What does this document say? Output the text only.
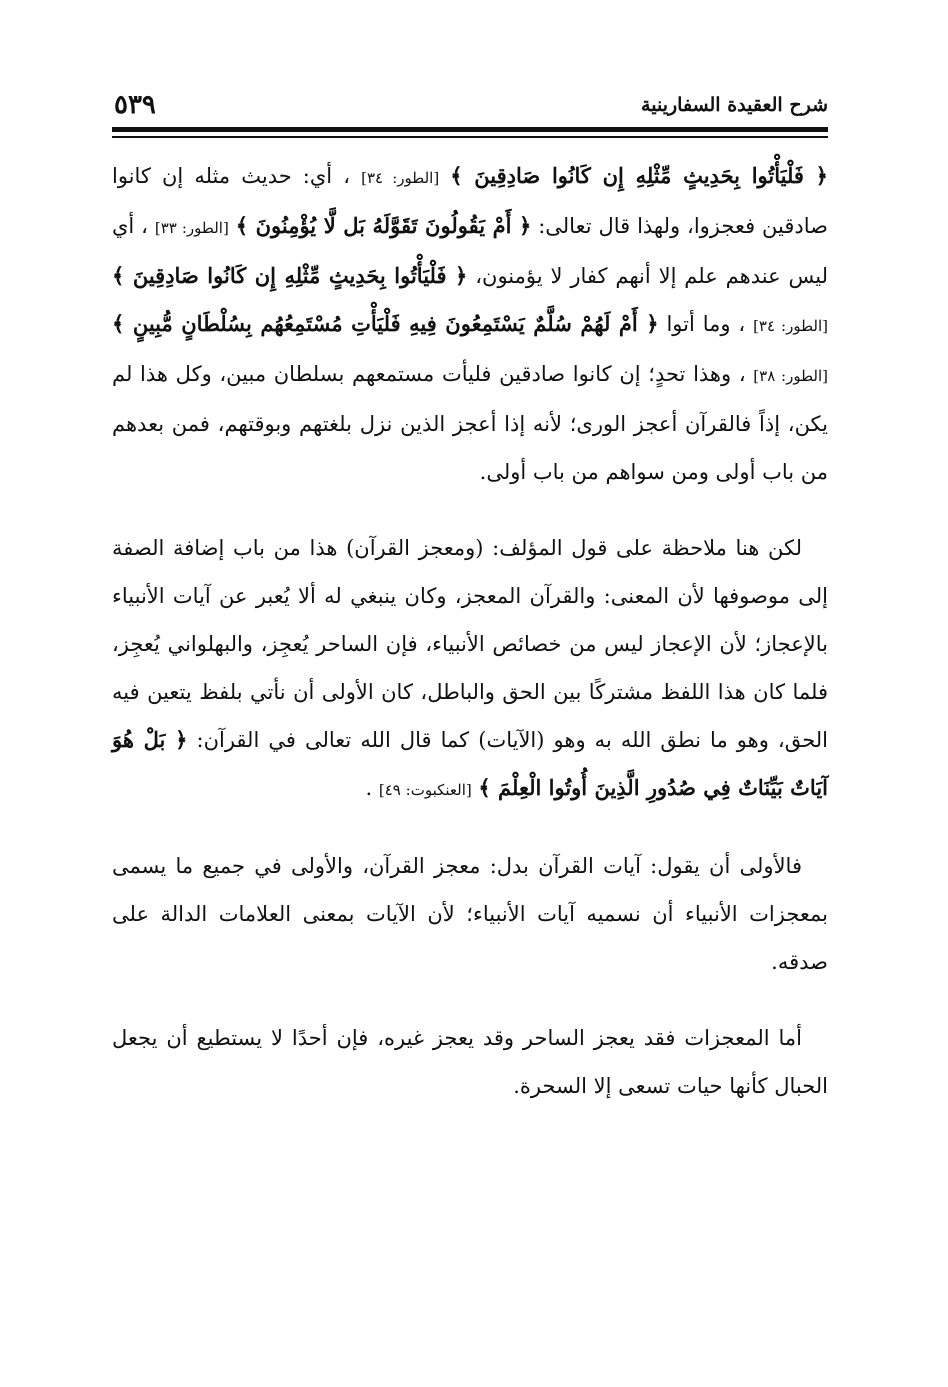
شرح العقيدة السفارينية
٥٣٩

﴿ فَلْيَأْتُوا بِحَدِيثٍ مِّثْلِهِ إِن كَانُوا صَادِقِينَ ﴾ [الطور: ٣٤] ، أي: حديث مثله إن كانوا صادقين فعجزوا، ولهذا قال تعالى: ﴿ أَمْ يَقُولُونَ تَقَوَّلَهُ بَل لَّا يُؤْمِنُونَ ﴾ [الطور: ٣٣] ، أي ليس عندهم علم إلا أنهم كفار لا يؤمنون، ﴿ فَلْيَأْتُوا بِحَدِيثٍ مِّثْلِهِ إِن كَانُوا صَادِقِينَ ﴾ [الطور: ٣٤] ، وما أتوا ﴿ أَمْ لَهُمْ سُلَّمٌ يَسْتَمِعُونَ فِيهِ فَلْيَأْتِ مُسْتَمِعُهُم بِسُلْطَانٍ مُّبِينٍ ﴾ [الطور: ٣٨] ، وهذا تحدٍ؛ إن كانوا صادقين فليأت مستمعهم بسلطان مبين، وكل هذا لم يكن، إذاً فالقرآن أعجز الورى؛ لأنه إذا أعجز الذين نزل بلغتهم وبوقتهم، فمن بعدهم من باب أولى ومن سواهم من باب أولى.

لكن هنا ملاحظة على قول المؤلف: (ومعجز القرآن) هذا من باب إضافة الصفة إلى موصوفها لأن المعنى: والقرآن المعجز، وكان ينبغي له ألا يُعبر عن آيات الأنبياء بالإعجاز؛ لأن الإعجاز ليس من خصائص الأنبياء، فإن الساحر يُعجِز، والبهلواني يُعجِز، فلما كان هذا اللفظ مشتركًا بين الحق والباطل، كان الأولى أن نأتي بلفظ يتعين فيه الحق، وهو ما نطق الله به وهو (الآيات) كما قال الله تعالى في القرآن: ﴿ بَلْ هُوَ آيَاتٌ بَيِّنَاتٌ فِي صُدُورِ الَّذِينَ أُوتُوا الْعِلْمَ ﴾ [العنكبوت: ٤٩] .

فالأولى أن يقول: آيات القرآن بدل: معجز القرآن، والأولى في جميع ما يسمى بمعجزات الأنبياء أن نسميه آيات الأنبياء؛ لأن الآيات بمعنى العلامات الدالة على صدقه.

أما المعجزات فقد يعجز الساحر وقد يعجز غيره، فإن أحدًا لا يستطيع أن يجعل الحبال كأنها حيات تسعى إلا السحرة.
